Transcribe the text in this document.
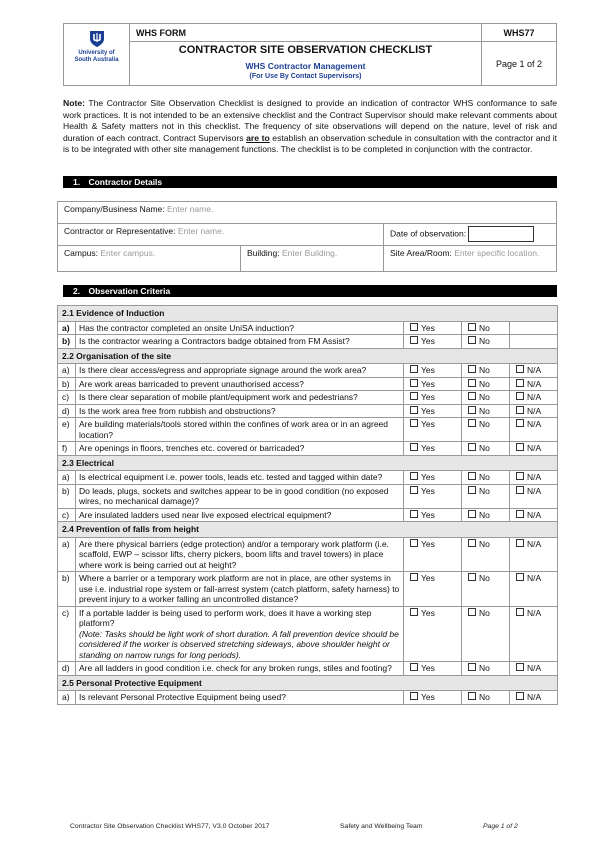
University of
South Australia	WHS FORM	WHS77

	CONTRACTOR SITE OBSERVATION CHECKLIST
WHS Contractor Management
(For Use By Contact Supervisors)	Page 1 of 2
Note: The Contractor Site Observation Checklist is designed to provide an indication of contractor WHS conformance to safe work practices. It is not intended to be an extensive checklist and the Contract Supervisor should make relevant comments about Health & Safety matters not in this checklist. The frequency of site observations will depend on the nature, level of risk and duration of each contract. Contract Supervisors are to establish an observation schedule in consultation with the contractor and it is to be integrated with other site management functions. The checklist is to be completed in conjunction with the contractor.
1. Contractor Details
Company/Business Name: Enter name.		
Contractor or Representative: Enter name.		Date of observation:
Campus: Enter campus.	Building: Enter Building.	Site Area/Room: Enter specific location.
2. Observation Criteria
2.1 Evidence of Induction				
a)	Has the contractor completed an onsite UniSA induction?	Yes	No	
b)	Is the contractor wearing a Contractors badge obtained from FM Assist?	Yes	No	
2.2 Organisation of the site				
a)	Is there clear access/egress and appropriate signage around the work area?	Yes	No	N/A
b)	Are work areas barricaded to prevent unauthorised access?	Yes	No	N/A
c)	Is there clear separation of mobile plant/equipment work and pedestrians?	Yes	No	N/A
d)	Is the work area free from rubbish and obstructions?	Yes	No	N/A
e)	Are building materials/tools stored within the confines of work area or in an agreed location?	Yes	No	N/A
f)	Are openings in floors, trenches etc. covered or barricaded?	Yes	No	N/A
2.3 Electrical				
a)	Is electrical equipment i.e. power tools, leads etc. tested and tagged within date?	Yes	No	N/A
b)	Do leads, plugs, sockets and switches appear to be in good condition (no exposed wires, no mechanical damage)?	Yes	No	N/A
c)	Are insulated ladders used near live exposed electrical equipment?	Yes	No	N/A
2.4 Prevention of falls from height				
a)	Are there physical barriers (edge protection) and/or a temporary work platform (i.e. scaffold, EWP – scissor lifts, cherry pickers, boom lifts and travel towers) in place where work is being carried out at height?	Yes	No	N/A
b)	Where a barrier or a temporary work platform are not in place, are other systems in use i.e. industrial rope system or fall-arrest system (catch platform, safety harness) to prevent injury to a worker falling an uncontrolled distance?	Yes	No	N/A
c)	If a portable ladder is being used to perform work, does it have a working step platform?
(Note: Tasks should be light work of short duration. A fall prevention device should be considered if the worker is observed stretching sideways, above shoulder height or standing on narrow rungs for long periods).	Yes	No	N/A
d)	Are all ladders in good condition i.e. check for any broken rungs, stiles and footing?	Yes	No	N/A
2.5 Personal Protective Equipment				
a)	Is relevant Personal Protective Equipment being used?	Yes	No	N/A
Contractor Site Observation Checklist WHS77, V3.0 October 2017	Safety and Wellbeing Team	Page 1 of 2
